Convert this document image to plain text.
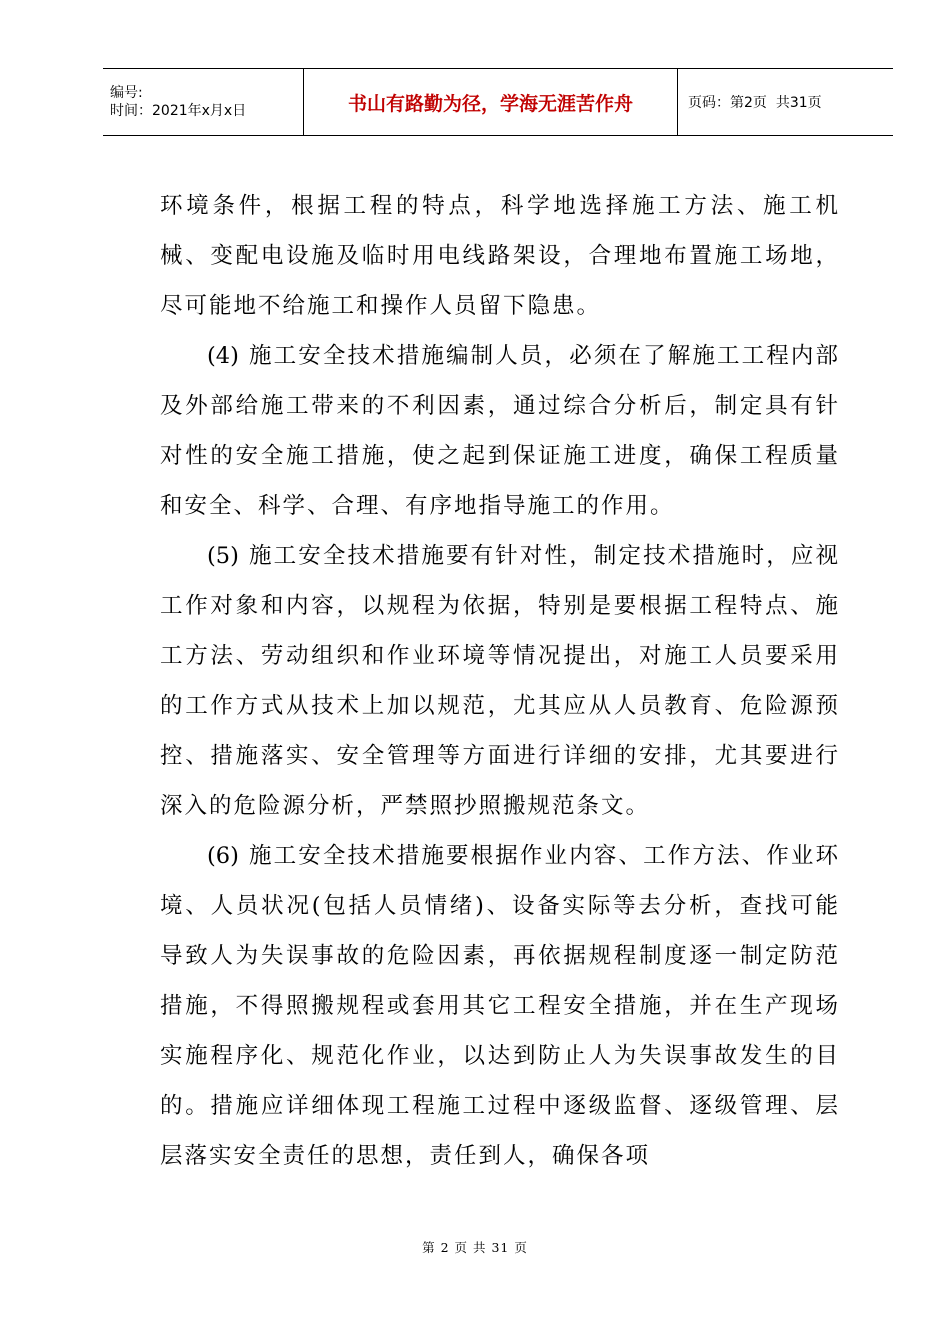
编号:
时间：2021年x月x日	书山有路勤为径，学海无涯苦作舟	页码：第2页  共31页

环境条件，根据工程的特点，科学地选择施工方法、施工机械、变配电设施及临时用电线路架设，合理地布置施工场地，尽可能地不给施工和操作人员留下隐患。

(4) 施工安全技术措施编制人员，必须在了解施工工程内部及外部给施工带来的不利因素，通过综合分析后，制定具有针对性的安全施工措施，使之起到保证施工进度，确保工程质量和安全、科学、合理、有序地指导施工的作用。

(5) 施工安全技术措施要有针对性，制定技术措施时，应视工作对象和内容，以规程为依据，特别是要根据工程特点、施工方法、劳动组织和作业环境等情况提出，对施工人员要采用的工作方式从技术上加以规范，尤其应从人员教育、危险源预控、措施落实、安全管理等方面进行详细的安排，尤其要进行深入的危险源分析，严禁照抄照搬规范条文。

(6) 施工安全技术措施要根据作业内容、工作方法、作业环境、人员状况(包括人员情绪)、设备实际等去分析，查找可能导致人为失误事故的危险因素，再依据规程制度逐一制定防范措施，不得照搬规程或套用其它工程安全措施，并在生产现场实施程序化、规范化作业，以达到防止人为失误事故发生的目的。措施应详细体现工程施工过程中逐级监督、逐级管理、层层落实安全责任的思想，责任到人，确保各项

第 2 页 共 31 页
